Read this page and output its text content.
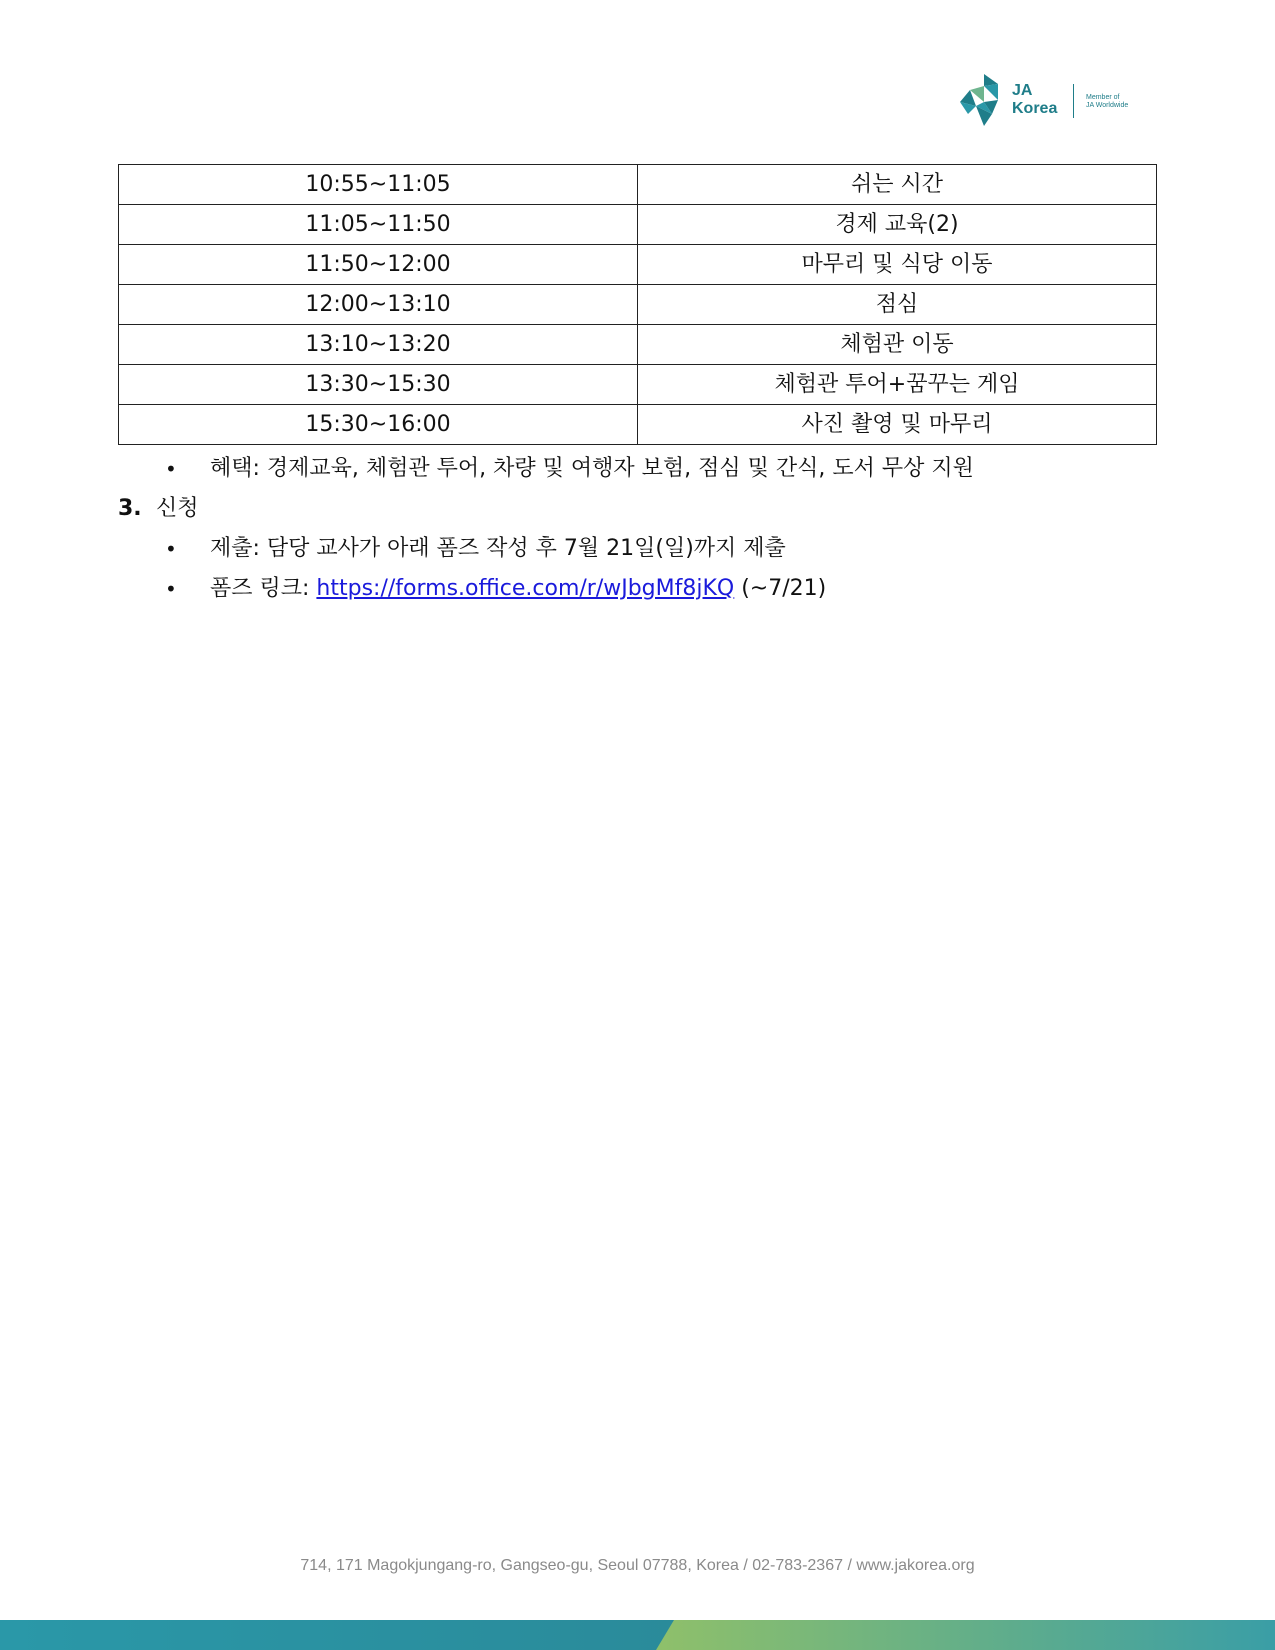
JA
Korea
Member of
JA Worldwide
10:55~11:05	쉬는 시간
11:05~11:50	경제 교육(2)
11:50~12:00	마무리 및 식당 이동
12:00~13:10	점심
13:10~13:20	체험관 이동
13:30~15:30	체험관 투어+꿈꾸는 게임
15:30~16:00	사진 촬영 및 마무리
• 혜택: 경제교육, 체험관 투어, 차량 및 여행자 보험, 점심 및 간식, 도서 무상 지원
3. 신청
• 제출: 담당 교사가 아래 폼즈 작성 후 7월 21일(일)까지 제출
• 폼즈 링크: https://forms.office.com/r/wJbgMf8jKQ (~7/21)
714, 171 Magokjungang-ro, Gangseo-gu, Seoul 07788, Korea / 02-783-2367 / www.jakorea.org
